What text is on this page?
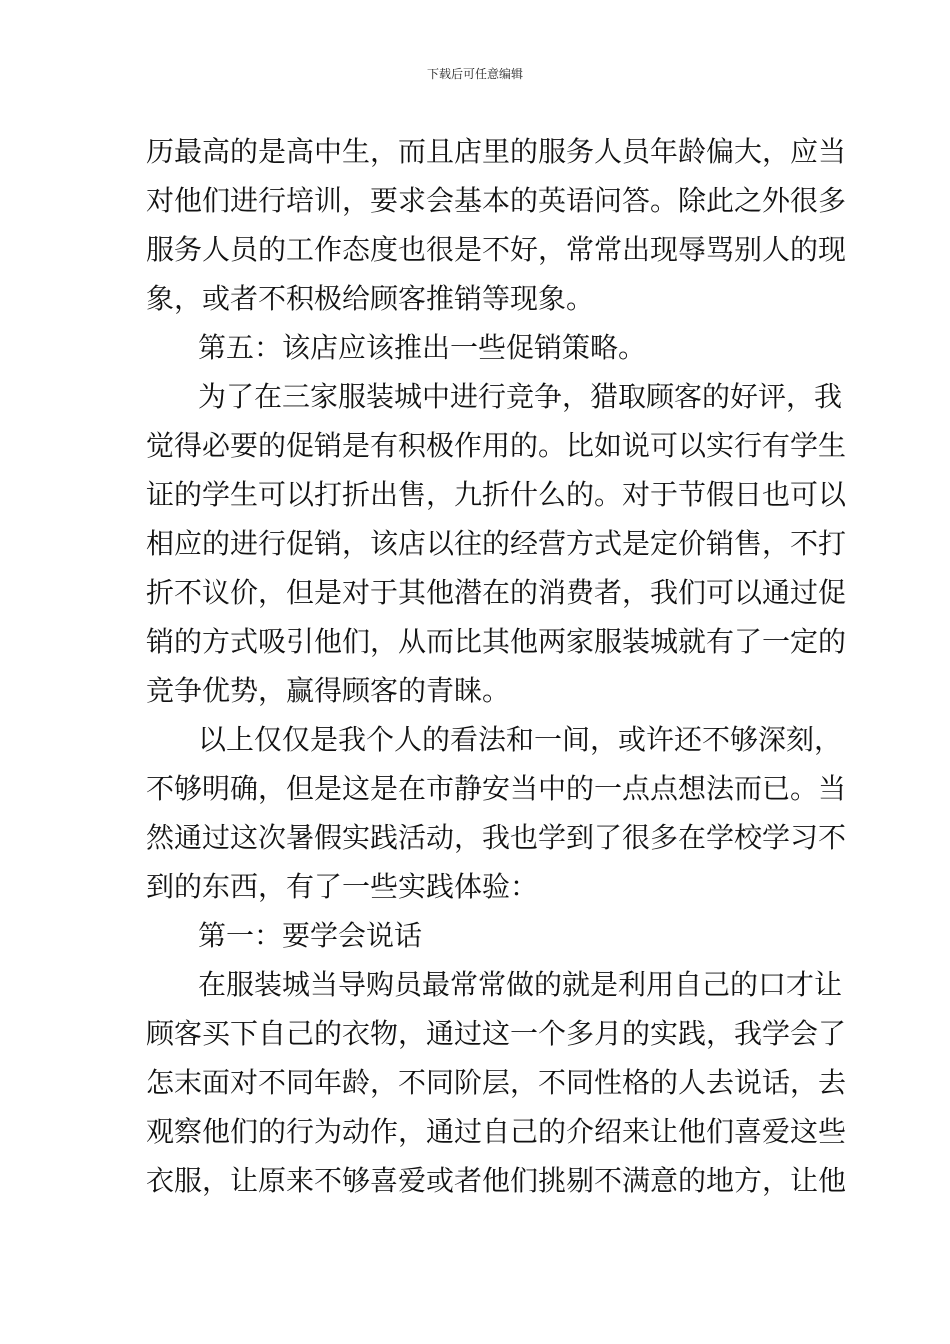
下载后可任意编辑
历最高的是高中生，而且店里的服务人员年龄偏大，应当
对他们进行培训，要求会基本的英语问答。除此之外很多
服务人员的工作态度也很是不好，常常出现辱骂别人的现
象，或者不积极给顾客推销等现象。
第五：该店应该推出一些促销策略。
为了在三家服装城中进行竞争，猎取顾客的好评，我
觉得必要的促销是有积极作用的。比如说可以实行有学生
证的学生可以打折出售，九折什么的。对于节假日也可以
相应的进行促销，该店以往的经营方式是定价销售，不打
折不议价，但是对于其他潜在的消费者，我们可以通过促
销的方式吸引他们，从而比其他两家服装城就有了一定的
竞争优势，赢得顾客的青睐。
以上仅仅是我个人的看法和一间，或许还不够深刻，
不够明确，但是这是在市静安当中的一点点想法而已。当
然通过这次暑假实践活动，我也学到了很多在学校学习不
到的东西，有了一些实践体验：
第一：要学会说话
在服装城当导购员最常常做的就是利用自己的口才让
顾客买下自己的衣物，通过这一个多月的实践，我学会了
怎末面对不同年龄，不同阶层，不同性格的人去说话，去
观察他们的行为动作，通过自己的介绍来让他们喜爱这些
衣服，让原来不够喜爱或者他们挑剔不满意的地方，让他
